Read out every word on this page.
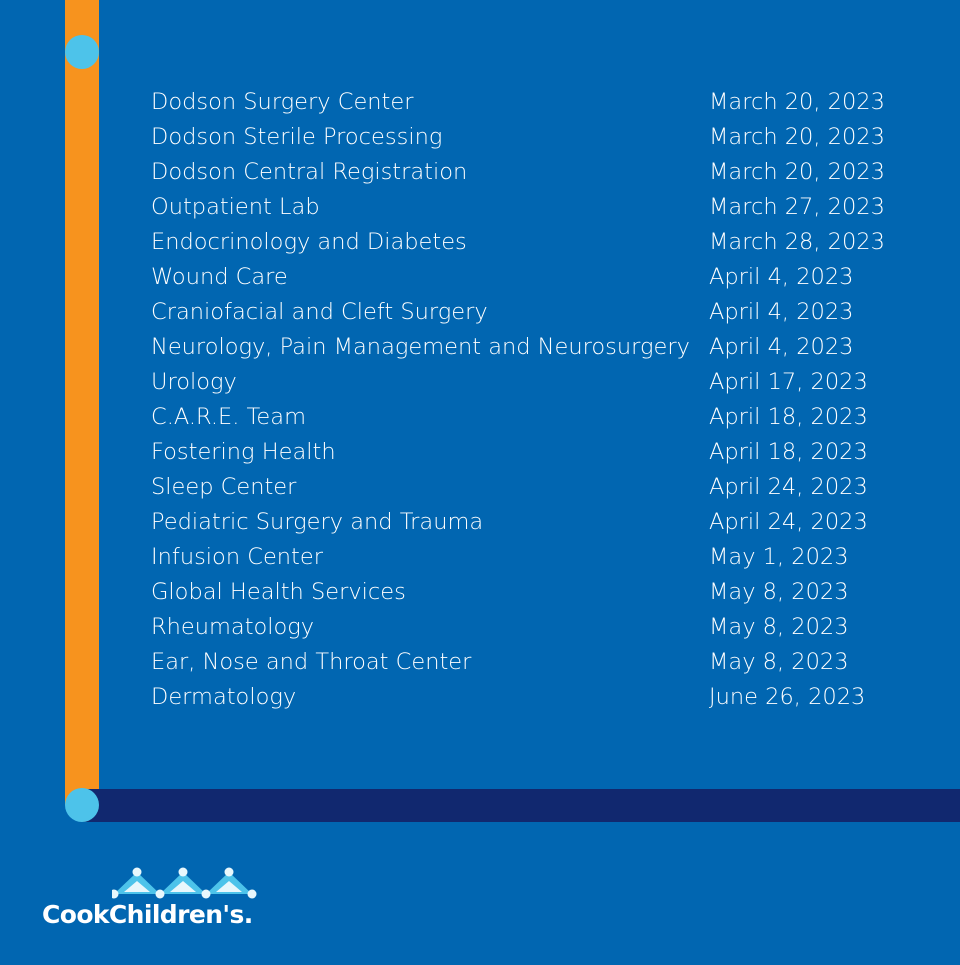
Dodson Surgery Center	March 20, 2023
Dodson Sterile Processing	March 20, 2023
Dodson Central Registration	March 20, 2023
Outpatient Lab	March 27, 2023
Endocrinology and Diabetes	March 28, 2023
Wound Care	April 4, 2023
Craniofacial and Cleft Surgery	April 4, 2023
Neurology, Pain Management and Neurosurgery April 4, 2023
Urology	April 17, 2023
C.A.R.E. Team	April 18, 2023
Fostering Health	April 18, 2023
Sleep Center	April 24, 2023
Pediatric Surgery and Trauma	April 24, 2023
Infusion Center	May 1, 2023
Global Health Services	May 8, 2023
Rheumatology	May 8, 2023
Ear, Nose and Throat Center	May 8, 2023
Dermatology	June 26, 2023
CookChildren's.
